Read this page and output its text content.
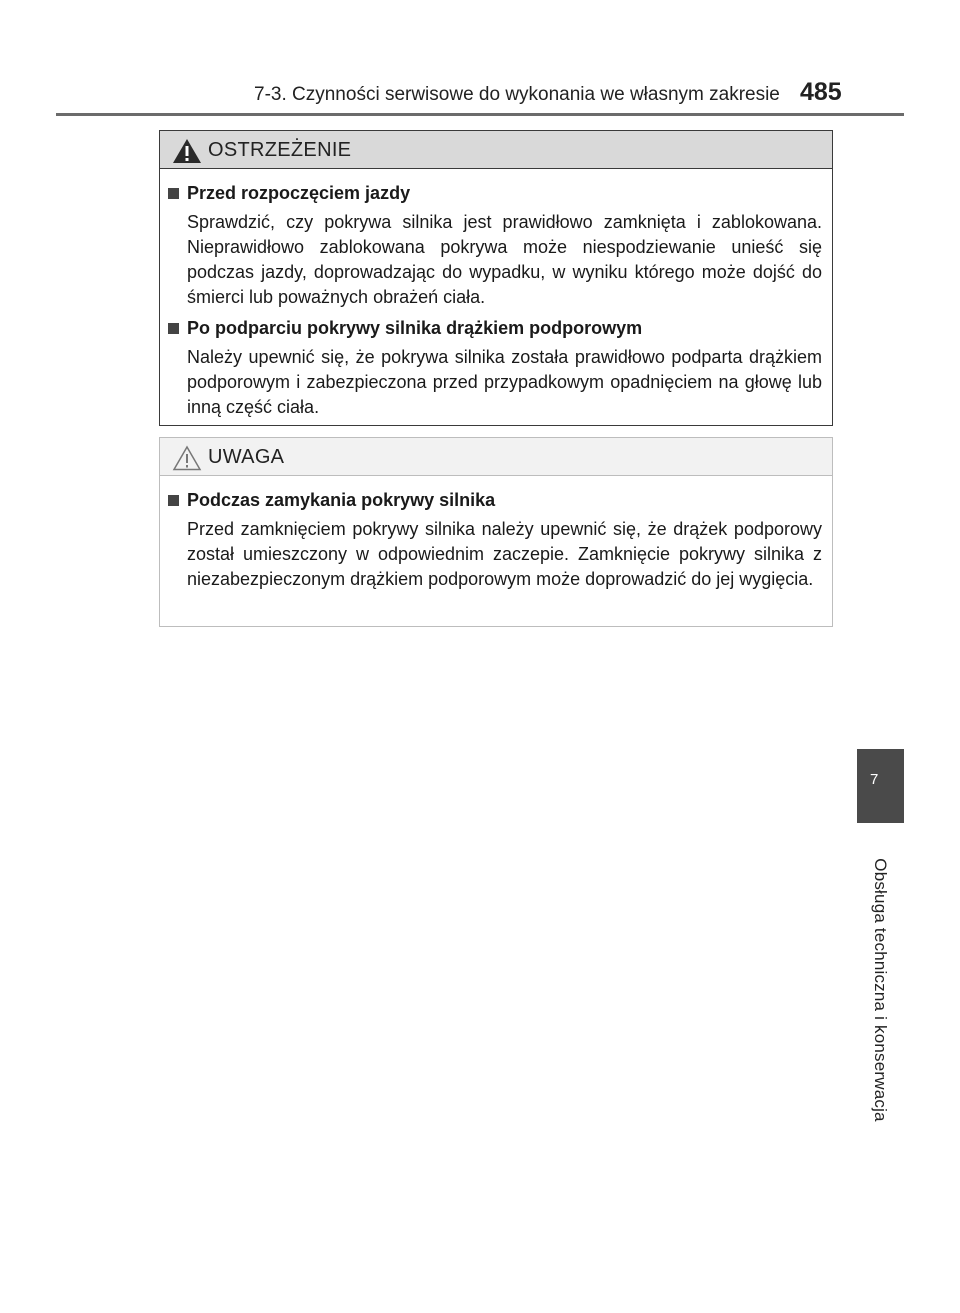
7-3. Czynności serwisowe do wykonania we własnym zakresie 485
OSTRZEŻENIE
Przed rozpoczęciem jazdy
Sprawdzić, czy pokrywa silnika jest prawidłowo zamknięta i zablokowana. Nieprawidłowo zablokowana pokrywa może niespodziewanie unieść się podczas jazdy, doprowadzając do wypadku, w wyniku którego może dojść do śmierci lub poważnych obrażeń ciała.
Po podparciu pokrywy silnika drążkiem podporowym
Należy upewnić się, że pokrywa silnika została prawidłowo podparta drążkiem podporowym i zabezpieczona przed przypadkowym opadnięciem na głowę lub inną część ciała.
UWAGA
Podczas zamykania pokrywy silnika
Przed zamknięciem pokrywy silnika należy upewnić się, że drążek podporowy został umieszczony w odpowiednim zaczepie. Zamknięcie pokrywy silnika z niezabezpieczonym drążkiem podporowym może doprowadzić do jej wygięcia.
7
Obsługa techniczna i konserwacja
